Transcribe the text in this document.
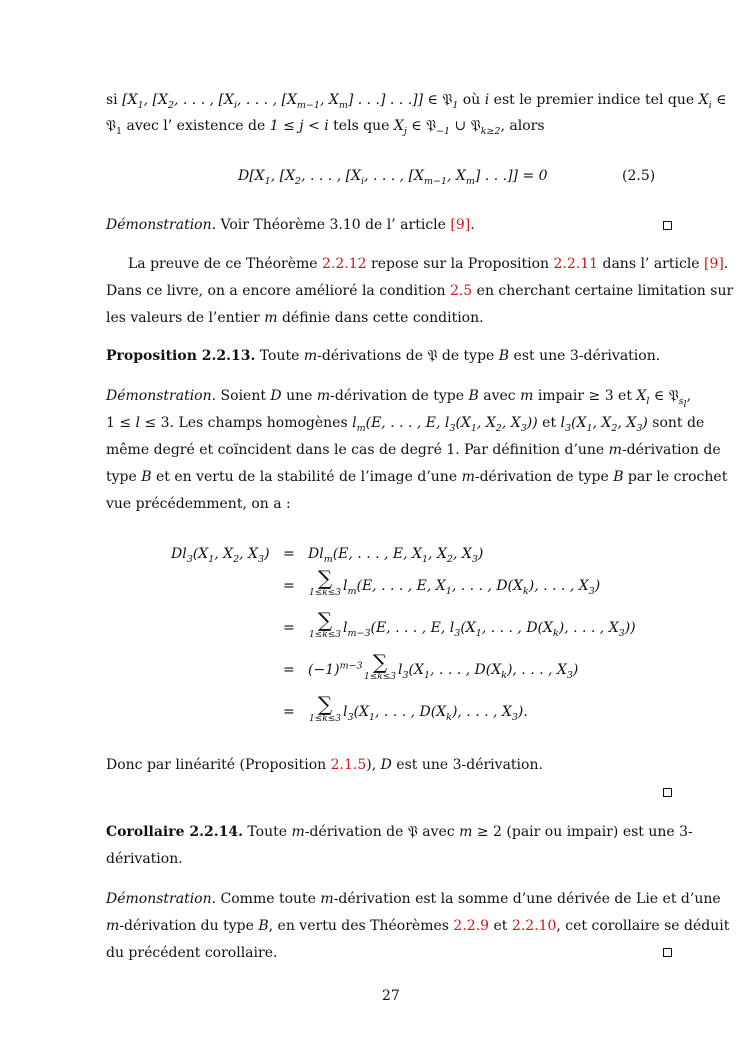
si [$X_1$, [$X_2$, . . . , [$X_i$, . . . , [$X_{m-1}$, $X_m$] . . .] . . .]] ∈ 𝔓$_1$ où i est le premier indice tel que $X_i$ ∈
𝔓$_1$ avec l’ existence de 1 ≤ j < i tels que $X_j$ ∈ 𝔓$_{-1}$ ∪ 𝔓$_{k\ge 2}$, alors
$D[X_1$, [$X_2$, . . . , [$X_i$, . . . , [$X_{m-1}$, $X_m$] . . .]] = 0	(2.5)
Démonstration. Voir Théorème 3.10 de l’ article [9].
La preuve de ce Théorème 2.2.12 repose sur la Proposition 2.2.11 dans l’ article [9].
Dans ce livre, on a encore amélioré la condition 2.5 en cherchant certaine limitation sur
les valeurs de l’entier m définie dans cette condition.
Proposition 2.2.13. Toute m-dérivations de 𝔓 de type B est une 3-dérivation.
Démonstration. Soient D une m-dérivation de type B avec m impair ≥ 3 et $X_l$ ∈ 𝔓$_{s_l}$,
1 ≤ l ≤ 3. Les champs homogènes $l_m(E$, . . . , E, $l_3(X_1$, $X_2$, $X_3$)) et $l_3(X_1$, $X_2$, $X_3$) sont de
même degré et coïncident dans le cas de degré 1. Par définition d’une m-dérivation de
type B et en vertu de la stabilité de l’image d’une m-dérivation de type B par le crochet
vue précédemment, on a :
$Dl_3(X_1$, $X_2$, $X_3) = Dl_m(E$, . . . , E, $X_1$, $X_2$, $X_3$)
=	∑
1≤k≤3 $l_m(E$, . . . , E, $X_1$, . . . , $D(X_k)$, . . . , $X_3$)
=	∑
1≤k≤3 $l_{m-3}(E$, . . . , E, $l_3(X_1$, . . . , $D(X_k)$, . . . , $X_3$))
= $(-1)^{m-3}$ ∑
1≤k≤3 $l_3(X_1$, . . . , $D(X_k)$, . . . , $X_3$)
=	∑
1≤k≤3 $l_3(X_1$, . . . , $D(X_k)$, . . . , $X_3$).
Donc par linéarité (Proposition 2.1.5), D est une 3-dérivation.
Corollaire 2.2.14. Toute m-dérivation de 𝔓 avec m ≥ 2 (pair ou impair) est une 3-
dérivation.
Démonstration. Comme toute m-dérivation est la somme d’une dérivée de Lie et d’une
m-dérivation du type B, en vertu des Théorèmes 2.2.9 et 2.2.10, cet corollaire se déduit
du précédent corollaire.
27
